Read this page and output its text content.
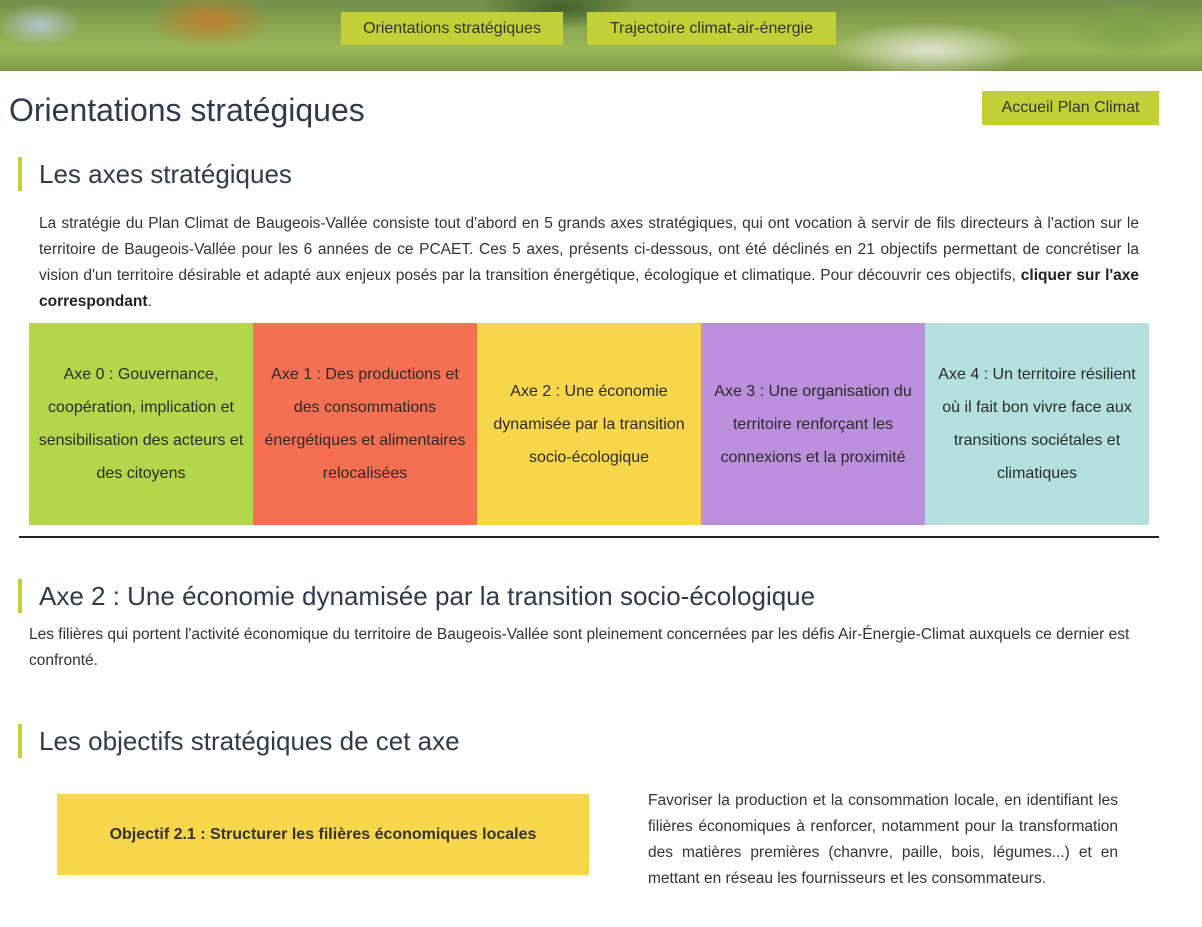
Orientations stratégiques	Trajectoire climat-air-énergie
Orientations stratégiques	Accueil Plan Climat
Les axes stratégiques

La stratégie du Plan Climat de Baugeois-Vallée consiste tout d'abord en 5 grands axes stratégiques, qui ont vocation à servir de fils directeurs à l'action sur le territoire de Baugeois-Vallée pour les 6 années de ce PCAET. Ces 5 axes, présents ci-dessous, ont été déclinés en 21 objectifs permettant de concrétiser la vision d'un territoire désirable et adapté aux enjeux posés par la transition énergétique, écologique et climatique. Pour découvrir ces objectifs, cliquer sur l'axe correspondant.

Axe 0 : Gouvernance, coopération, implication et sensibilisation des acteurs et des citoyens
Axe 1 : Des productions et des consommations énergétiques et alimentaires relocalisées
Axe 2 : Une économie dynamisée par la transition socio-écologique
Axe 3 : Une organisation du territoire renforçant les connexions et la proximité
Axe 4 : Un territoire résilient où il fait bon vivre face aux transitions sociétales et climatiques
Axe 2 : Une économie dynamisée par la transition socio-écologique

Les filières qui portent l'activité économique du territoire de Baugeois-Vallée sont pleinement concernées par les défis Air-Énergie-Climat auxquels ce dernier est confronté.

Les objectifs stratégiques de cet axe
Objectif 2.1 : Structurer les filières économiques locales

Favoriser la production et la consommation locale, en identifiant les filières économiques à renforcer, notamment pour la transformation des matières premières (chanvre, paille, bois, légumes...) et en mettant en réseau les fournisseurs et les consommateurs.
